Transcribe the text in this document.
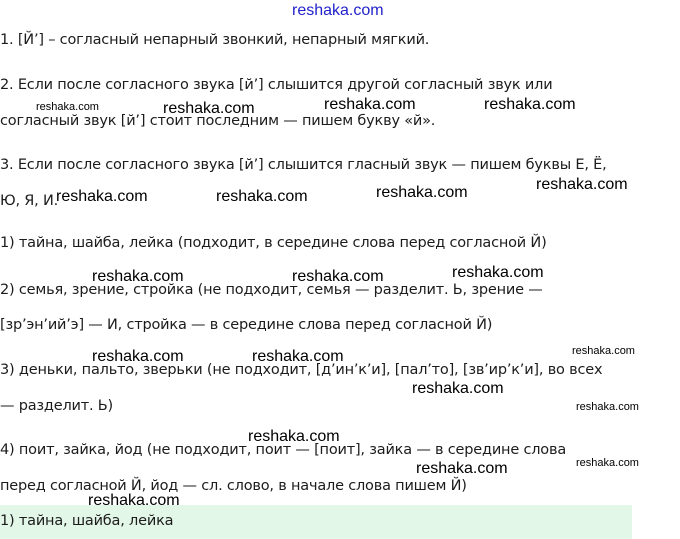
reshaka.com
1. [Й’] – согласный непарный звонкий, непарный мягкий.
2. Если после согласного звука [й’] слышится другой согласный звук или
согласный звук [й’] стоит последним — пишем букву «й».
3. Если после согласного звука [й’] слышится гласный звук — пишем буквы Е, Ё,
Ю, Я, И.
1) тайна, шайба, лейка (подходит, в середине слова перед согласной Й)
2) семья, зрение, стройка (не подходит, семья — разделит. Ь, зрение —
[зр’эн’ий’э] — И, стройка — в середине слова перед согласной Й)
3) деньки, пальто, зверьки (не подходит, [д’ин’к’и], [пал’то], [зв’ир’к’и], во всех
— разделит. Ь)
4) поит, зайка, йод (не подходит, поит — [поит], зайка — в середине слова
перед согласной Й, йод — сл. слово, в начале слова пишем Й)
1) тайна, шайба, лейка
reshaka.com	reshaka.com	reshaka.com	reshaka.com
reshaka.com	reshaka.com	reshaka.com	reshaka.com
reshaka.com	reshaka.com	reshaka.com
reshaka.com	reshaka.com	reshaka.com
reshaka.com
reshaka.com
reshaka.com
reshaka.com
reshaka.com
reshaka.com
